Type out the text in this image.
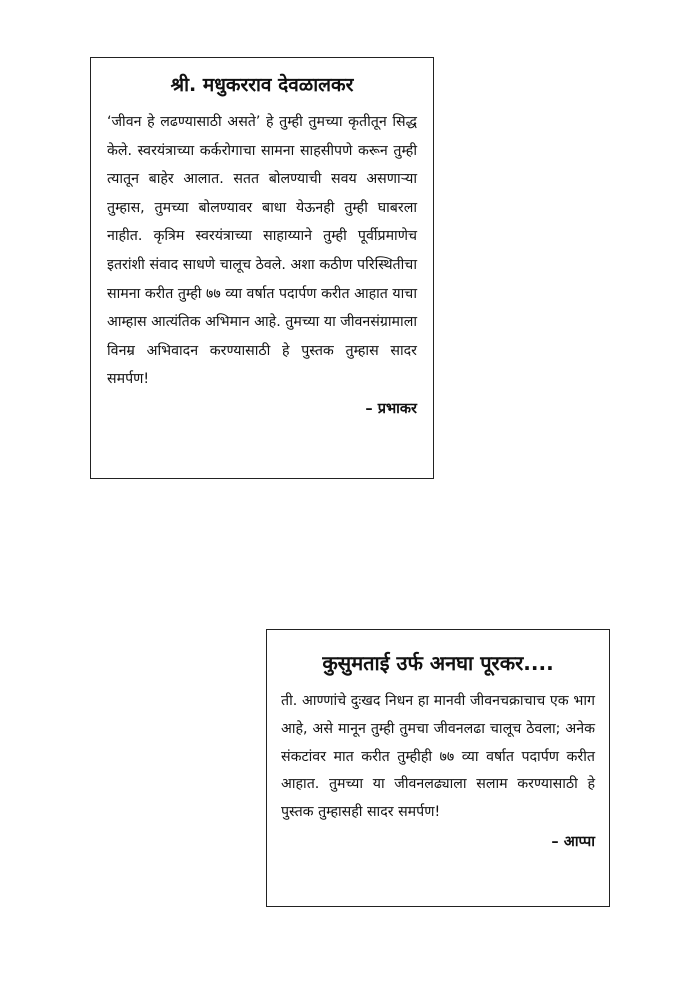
श्री. मधुकरराव देवळालकर

‘जीवन हे लढण्यासाठी असते’ हे तुम्ही तुमच्या कृतीतून सिद्ध केले. स्वरयंत्राच्या कर्करोगाचा सामना साहसीपणे करून तुम्ही त्यातून बाहेर आलात. सतत बोलण्याची सवय असणाऱ्या तुम्हास, तुमच्या बोलण्यावर बाधा येऊनही तुम्ही घाबरला नाहीत. कृत्रिम स्वरयंत्राच्या साहाय्याने तुम्ही पूर्वीप्रमाणेच इतरांशी संवाद साधणे चालूच ठेवले. अशा कठीण परिस्थितीचा सामना करीत तुम्ही ७७ व्या वर्षात पदार्पण करीत आहात याचा आम्हास आत्यंतिक अभिमान आहे. तुमच्या या जीवनसंग्रामाला विनम्र अभिवादन करण्यासाठी हे पुस्तक तुम्हास सादर समर्पण!

– प्रभाकर
कुसुमताई उर्फ अनघा पूरकर....

ती. आण्णांचे दुःखद निधन हा मानवी जीवनचक्राचाच एक भाग आहे, असे मानून तुम्ही तुमचा जीवनलढा चालूच ठेवला; अनेक संकटांवर मात करीत तुम्हीही ७७ व्या वर्षात पदार्पण करीत आहात. तुमच्या या जीवनलढ्याला सलाम करण्यासाठी हे पुस्तक तुम्हासही सादर समर्पण!

– आप्पा
